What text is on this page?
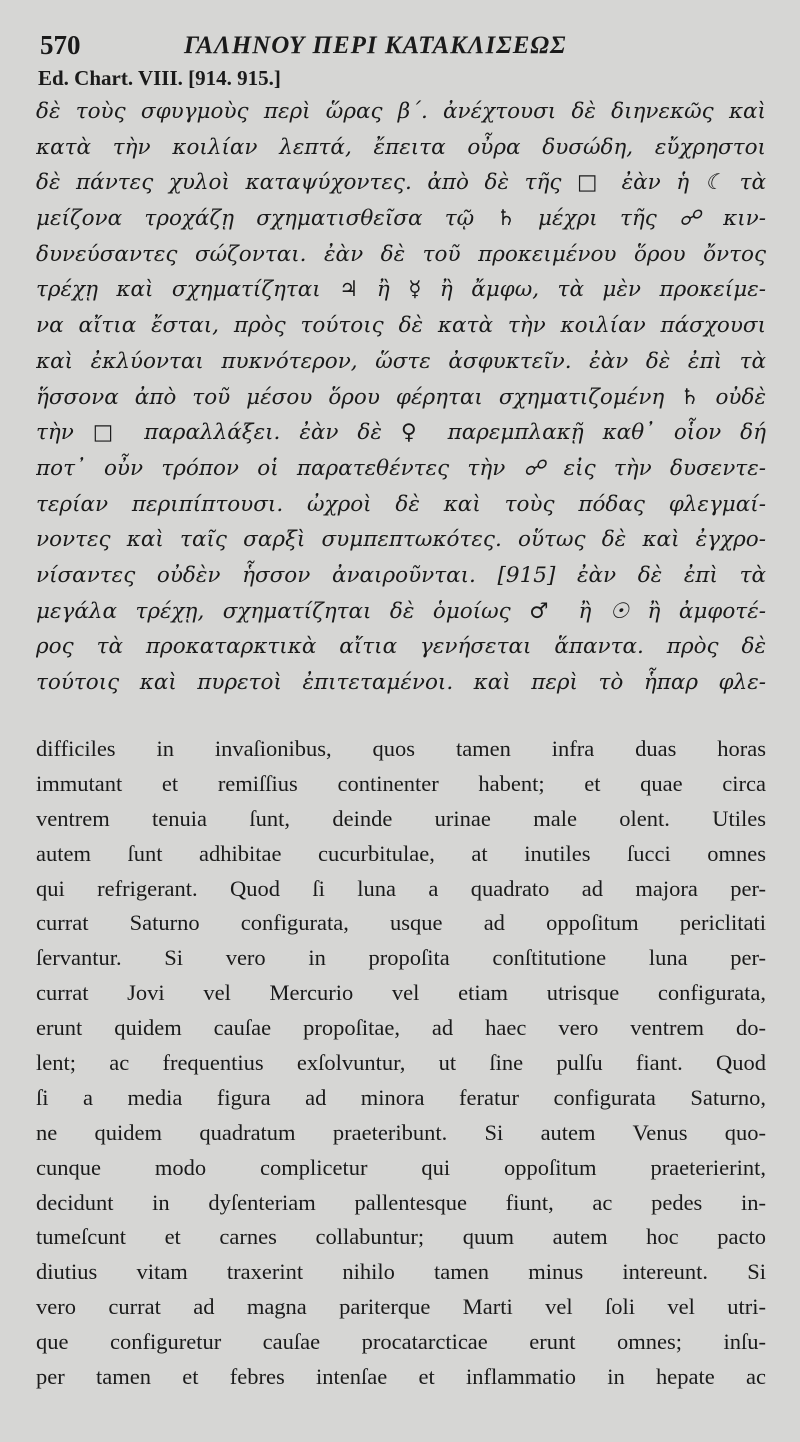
570	ΓΑΛΗΝΟΥ ΠΕΡΙ ΚΑΤΑΚΛΙΣΕΩΣ
Ed. Chart. VIII. [914. 915.]
δὲ τοὺς σφυγμοὺς περὶ ὥρας β΄. ἀνέχτουσι δὲ διηνεκῶς καὶ
κατὰ τὴν κοιλίαν λεπτά, ἔπειτα οὖρα δυσώδη, εὔχρηστοι
δὲ πάντες χυλοὶ καταψύχοντες. ἀπὸ δὲ τῆς □ ἐὰν ἡ ☾ τὰ
μείζονα τροχάζῃ σχηματισθεῖσα τῷ ♄ μέχρι τῆς ☍ κιν-
δυνεύσαντες σώζονται. ἐὰν δὲ τοῦ προκειμένου ὅρου ὄντος
τρέχῃ καὶ σχηματίζηται ♃ ἢ ☿ ἢ ἄμφω, τὰ μὲν προκείμε-
να αἴτια ἔσται, πρὸς τούτοις δὲ κατὰ τὴν κοιλίαν πάσχουσι
καὶ ἐκλύονται πυκνότερον, ὥστε ἀσφυκτεῖν. ἐὰν δὲ ἐπὶ τὰ
ἥσσονα ἀπὸ τοῦ μέσου ὅρου φέρηται σχηματιζομένη ♄ οὐδὲ
τὴν □ παραλλάξει. ἐὰν δὲ ♀ παρεμπλακῇ καθ᾽ οἷον δή
ποτ᾽ οὖν τρόπον οἱ παρατεθέντες τὴν ☍ εἰς τὴν δυσεντε-
τερίαν περιπίπτουσι. ὠχροὶ δὲ καὶ τοὺς πόδας φλεγμαί-
νοντες καὶ ταῖς σαρξὶ συμπεπτωκότες. οὕτως δὲ καὶ ἐγχρο-
νίσαντες οὐδὲν ἧσσον ἀναιροῦνται. [915] ἐὰν δὲ ἐπὶ τὰ
μεγάλα τρέχῃ, σχηματίζηται δὲ ὁμοίως ♂ ἢ ☉ ἢ ἀμφοτέ-
ρος τὰ προκαταρκτικὰ αἴτια γενήσεται ἅπαντα. πρὸς δὲ
τούτοις καὶ πυρετοὶ ἐπιτεταμένοι. καὶ περὶ τὸ ἧπαρ φλε-
difficiles in invaſionibus, quos tamen infra duas horas
immutant et remiſſius continenter habent; et quae circa
ventrem tenuia ſunt, deinde urinae male olent. Utiles
autem ſunt adhibitae cucurbitulae, at inutiles ſucci omnes
qui refrigerant. Quod ſi luna a quadrato ad majora per-
currat Saturno configurata, usque ad oppoſitum periclitati
ſervantur. Si vero in propoſita conſtitutione luna per-
currat Jovi vel Mercurio vel etiam utrisque configurata,
erunt quidem cauſae propoſitae, ad haec vero ventrem do-
lent; ac frequentius exſolvuntur, ut ſine pulſu fiant. Quod
ſi a media figura ad minora feratur configurata Saturno,
ne quidem quadratum praeteribunt. Si autem Venus quo-
cunque modo complicetur qui oppoſitum praeterierint,
decidunt in dyſenteriam pallentesque fiunt, ac pedes in-
tumeſcunt et carnes collabuntur; quum autem hoc pacto
diutius vitam traxerint nihilo tamen minus intereunt. Si
vero currat ad magna pariterque Marti vel ſoli vel utri-
que configuretur cauſae procatarcticae erunt omnes; inſu-
per tamen et febres intenſae et inflammatio in hepate ac
